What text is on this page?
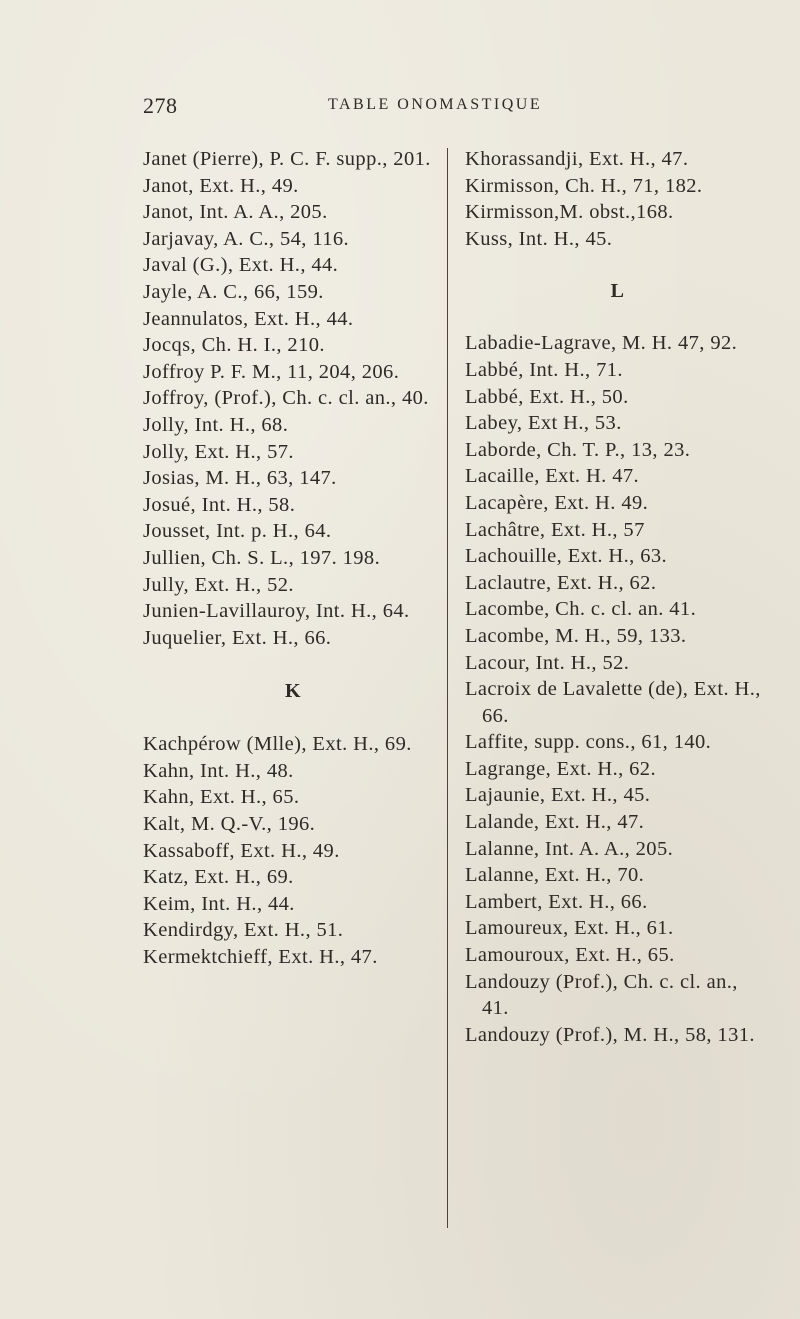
278	TABLE ONOMASTIQUE
Janet (Pierre), P. C. F. supp., 201.
Janot, Ext. H., 49.
Janot, Int. A. A., 205.
Jarjavay, A. C., 54, 116.
Javal (G.), Ext. H., 44.
Jayle, A. C., 66, 159.
Jeannulatos, Ext. H., 44.
Jocqs, Ch. H. I., 210.
Joffroy P. F. M., 11, 204, 206.
Joffroy, (Prof.), Ch. c. cl. an., 40.
Jolly, Int. H., 68.
Jolly, Ext. H., 57.
Josias, M. H., 63, 147.
Josué, Int. H., 58.
Jousset, Int. p. H., 64.
Jullien, Ch. S. L., 197. 198.
Jully, Ext. H., 52.
Junien-Lavillauroy, Int. H., 64.
Juquelier, Ext. H., 66.
K
Kachpérow (Mlle), Ext. H., 69.
Kahn, Int. H., 48.
Kahn, Ext. H., 65.
Kalt, M. Q.-V., 196.
Kassaboff, Ext. H., 49.
Katz, Ext. H., 69.
Keim, Int. H., 44.
Kendirdgy, Ext. H., 51.
Kermektchieff, Ext. H., 47.
Khorassandji, Ext. H., 47.
Kirmisson, Ch. H., 71, 182.
Kirmisson,M. obst.,168.
Kuss, Int. H., 45.
L
Labadie-Lagrave, M. H. 47, 92.
Labbé, Int. H., 71.
Labbé, Ext. H., 50.
Labey, Ext H., 53.
Laborde, Ch. T. P., 13, 23.
Lacaille, Ext. H. 47.
Lacapère, Ext. H. 49.
Lachâtre, Ext. H., 57
Lachouille, Ext. H., 63.
Laclautre, Ext. H., 62.
Lacombe, Ch. c. cl. an. 41.
Lacombe, M. H., 59, 133.
Lacour, Int. H., 52.
Lacroix de Lavalette (de), Ext. H., 66.
Laffite, supp. cons., 61, 140.
Lagrange, Ext. H., 62.
Lajaunie, Ext. H., 45.
Lalande, Ext. H., 47.
Lalanne, Int. A. A., 205.
Lalanne, Ext. H., 70.
Lambert, Ext. H., 66.
Lamoureux, Ext. H., 61.
Lamouroux, Ext. H., 65.
Landouzy (Prof.), Ch. c. cl. an., 41.
Landouzy (Prof.), M. H., 58, 131.
